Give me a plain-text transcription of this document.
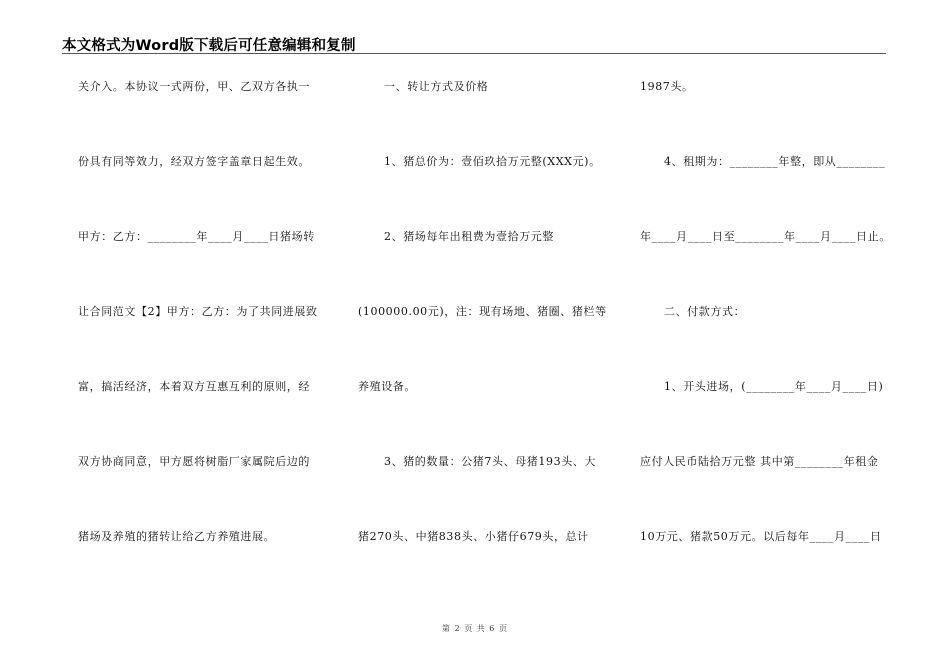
本文格式为Word版下载后可任意编辑和复制
关介入。本协议一式两份，甲、乙双方各执一
份具有同等效力，经双方签字盖章日起生效。
甲方：乙方：________年____月____日猪场转
让合同范文【2】甲方：乙方：为了共同进展致
富，搞活经济，本着双方互惠互利的原则，经
双方协商同意，甲方愿将树脂厂家属院后边的
猪场及养殖的猪转让给乙方养殖进展。
一、转让方式及价格
1、猪总价为：壹佰玖拾万元整(XXX元)。
2、猪场每年出租费为壹拾万元整
(100000.00元)，注：现有场地、猪圈、猪栏等
养殖设备。
3、猪的数量：公猪7头、母猪193头、大
猪270头、中猪838头、小猪仔679头，总计
1987头。
4、租期为：________年整，即从________
年____月____日至________年____月____日止。
二、付款方式：
1、开头进场，(________年____月____日)
应付人民币陆拾万元整 其中第________年租金
10万元、猪款50万元。以后每年____月____日
第 2 页 共 6 页
